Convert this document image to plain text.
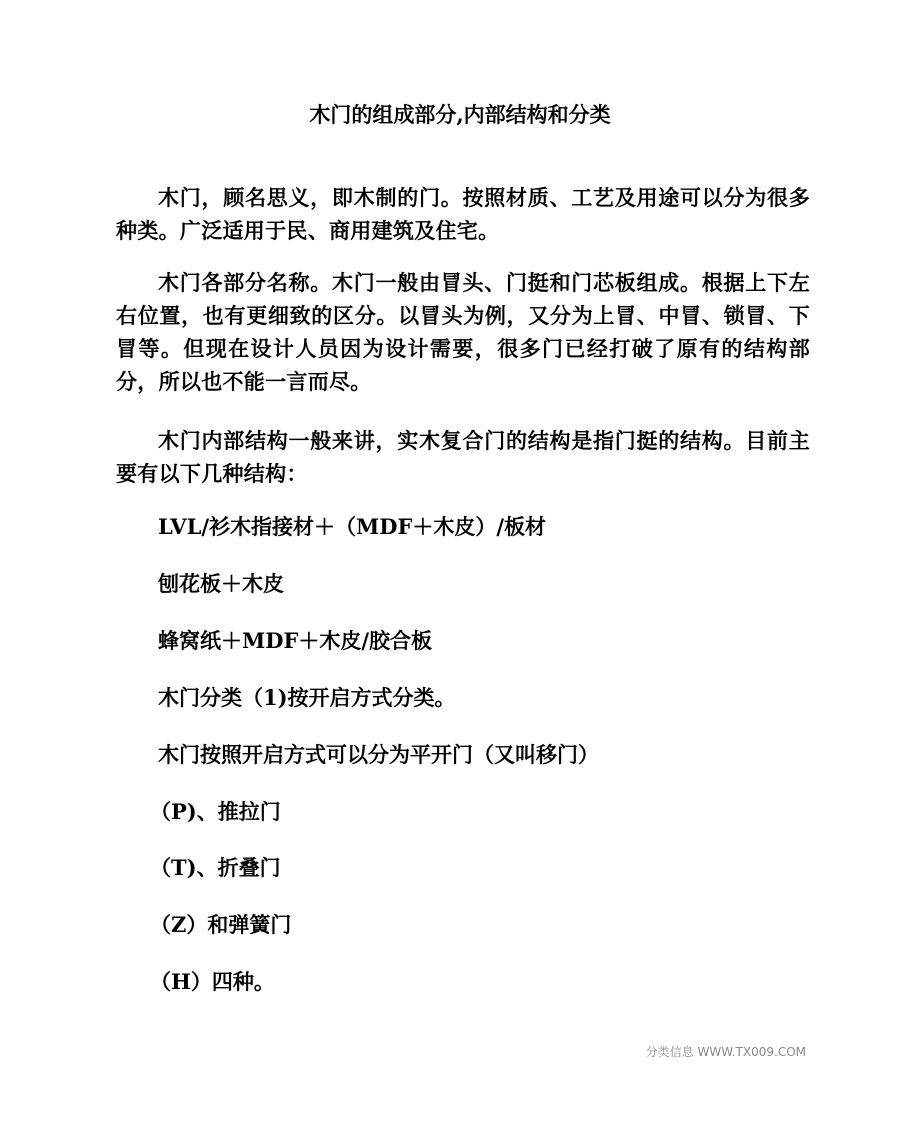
木门的组成部分,内部结构和分类

木门，顾名思义，即木制的门。按照材质、工艺及用途可以分为很多种类。广泛适用于民、商用建筑及住宅。

木门各部分名称。木门一般由冒头、门挺和门芯板组成。根据上下左右位置，也有更细致的区分。以冒头为例，又分为上冒、中冒、锁冒、下冒等。但现在设计人员因为设计需要，很多门已经打破了原有的结构部分，所以也不能一言而尽。

木门内部结构一般来讲，实木复合门的结构是指门挺的结构。目前主要有以下几种结构：

LVL/衫木指接材＋（MDF＋木皮）/板材

刨花板＋木皮

蜂窝纸＋MDF＋木皮/胶合板

木门分类（1)按开启方式分类。

木门按照开启方式可以分为平开门（又叫移门）

（P)、推拉门

（T)、折叠门

（Z）和弹簧门

（H）四种。

分类信息 WWW.TX009.COM
